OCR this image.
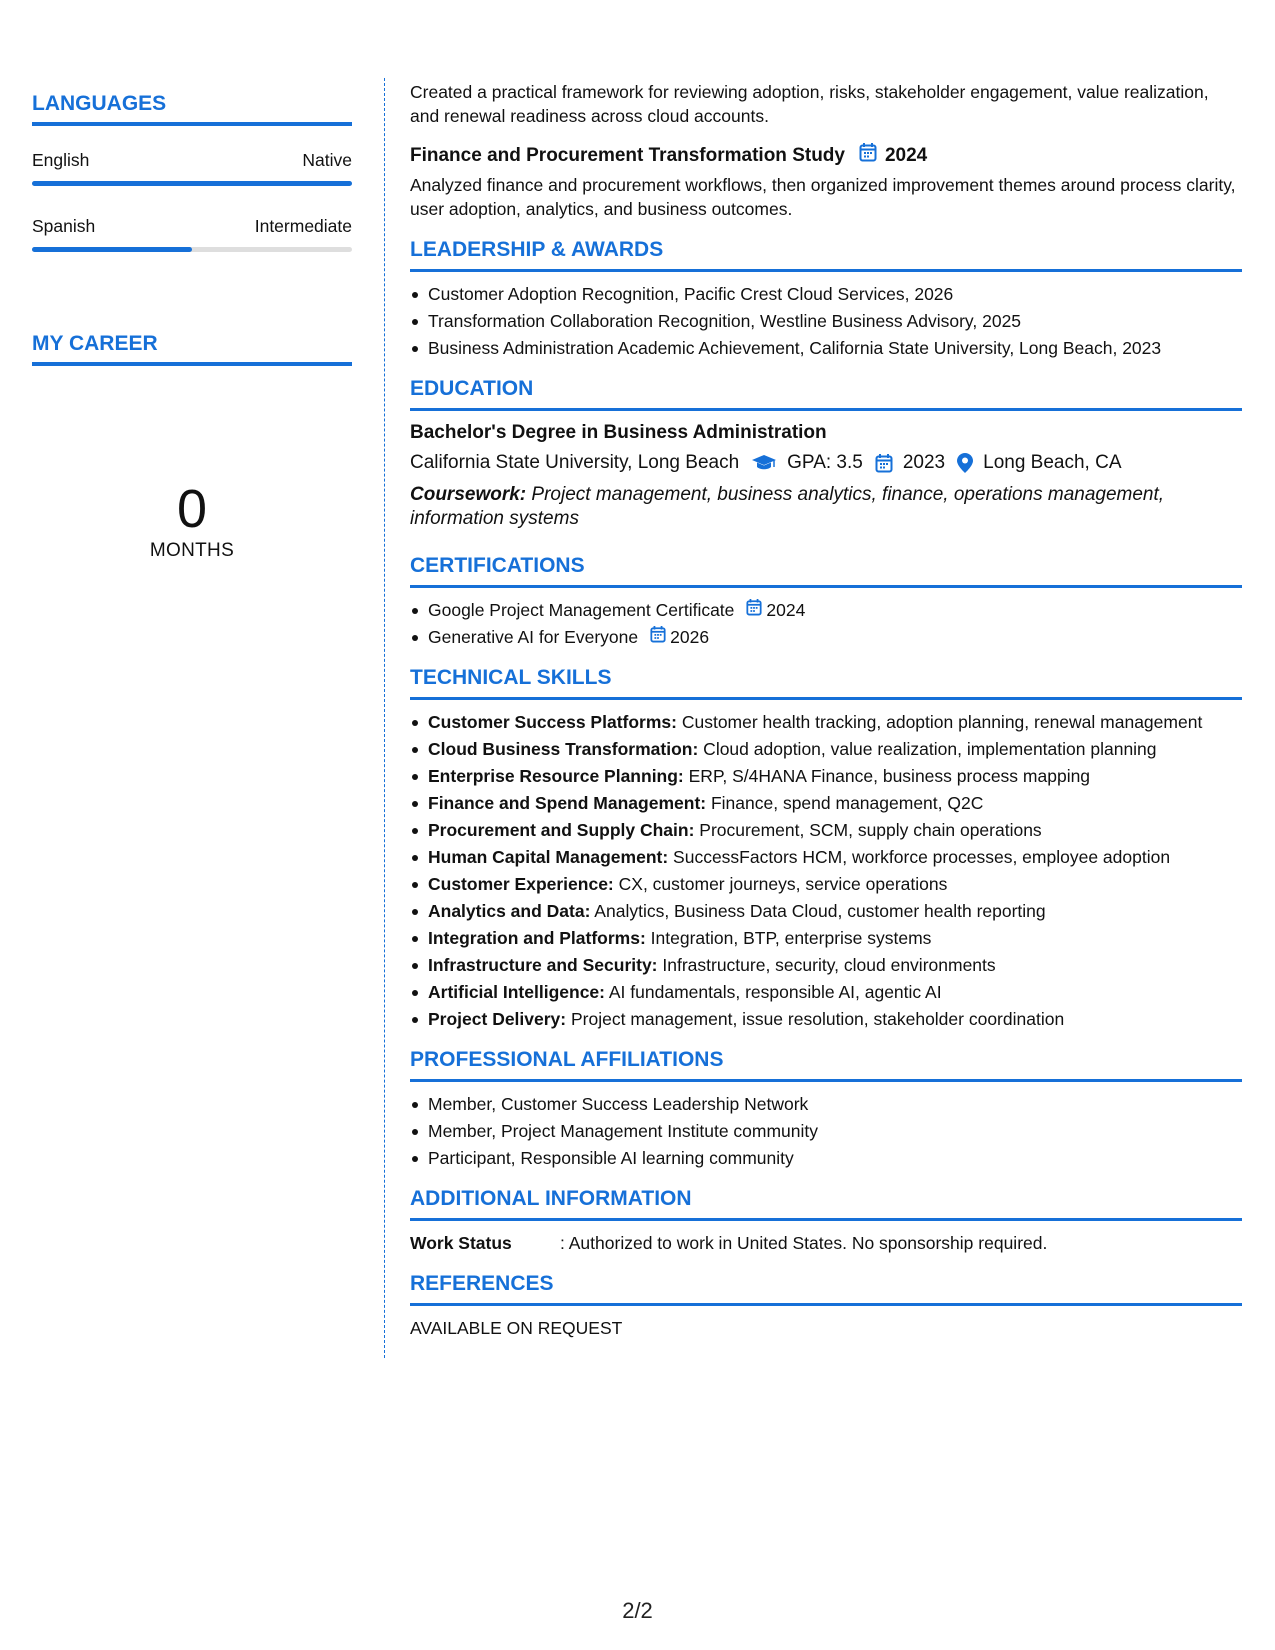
LANGUAGES
English	Native
Spanish	Intermediate
MY CAREER
0
MONTHS

Created a practical framework for reviewing adoption, risks, stakeholder engagement, value realization, and renewal readiness across cloud accounts.

Finance and Procurement Transformation Study 2024

Analyzed finance and procurement workflows, then organized improvement themes around process clarity, user adoption, analytics, and business outcomes.

LEADERSHIP & AWARDS
Customer Adoption Recognition, Pacific Crest Cloud Services, 2026
Transformation Collaboration Recognition, Westline Business Advisory, 2025
Business Administration Academic Achievement, California State University, Long Beach, 2023
EDUCATION
Bachelor's Degree in Business Administration
California State University, Long Beach	GPA: 3.5 2023 Long Beach, CA
Coursework: Project management, business analytics, finance, operations management, information systems
CERTIFICATIONS
Google Project Management Certificate 2024
Generative AI for Everyone 2026
TECHNICAL SKILLS
Customer Success Platforms: Customer health tracking, adoption planning, renewal management
Cloud Business Transformation: Cloud adoption, value realization, implementation planning
Enterprise Resource Planning: ERP, S/4HANA Finance, business process mapping
Finance and Spend Management: Finance, spend management, Q2C
Procurement and Supply Chain: Procurement, SCM, supply chain operations
Human Capital Management: SuccessFactors HCM, workforce processes, employee adoption
Customer Experience: CX, customer journeys, service operations
Analytics and Data: Analytics, Business Data Cloud, customer health reporting
Integration and Platforms: Integration, BTP, enterprise systems
Infrastructure and Security: Infrastructure, security, cloud environments
Artificial Intelligence: AI fundamentals, responsible AI, agentic AI
Project Delivery: Project management, issue resolution, stakeholder coordination
PROFESSIONAL AFFILIATIONS
Member, Customer Success Leadership Network
Member, Project Management Institute community
Participant, Responsible AI learning community
ADDITIONAL INFORMATION
Work Status	: Authorized to work in United States. No sponsorship required.
REFERENCES
AVAILABLE ON REQUEST
2/2
